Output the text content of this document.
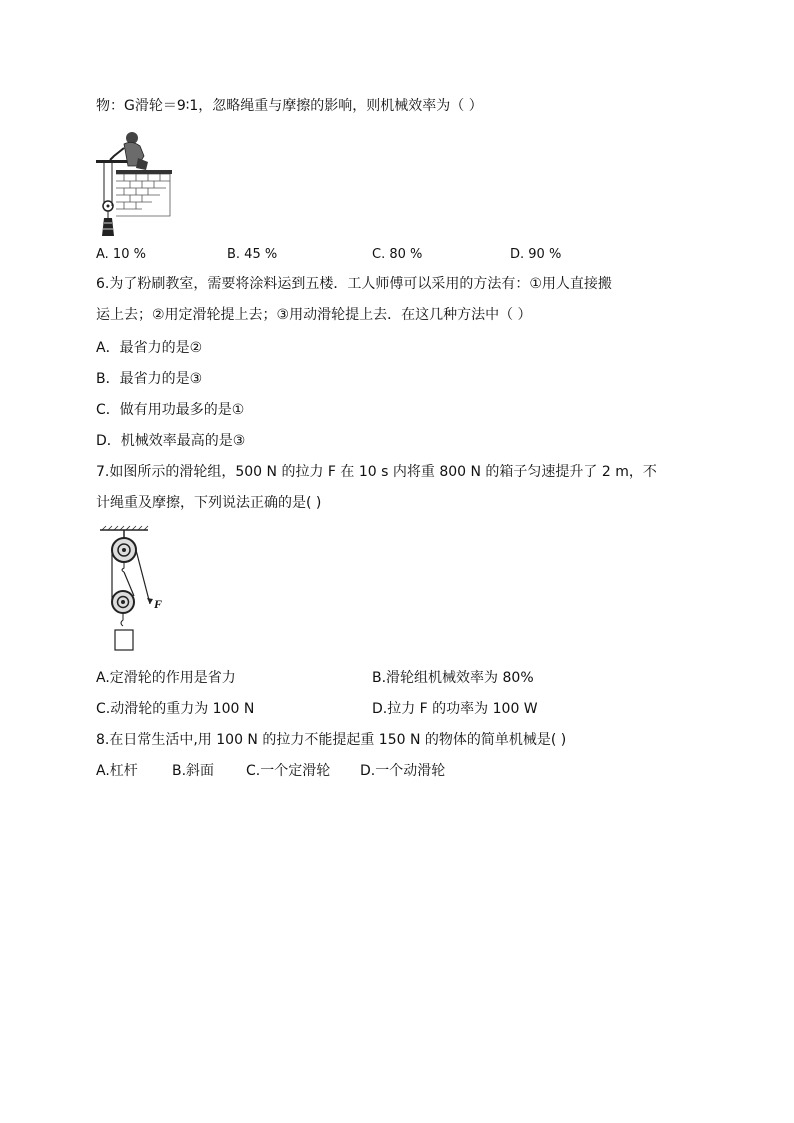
物：G滑轮＝9∶1，忽略绳重与摩擦的影响，则机械效率为（ ）
A. 10 %	B. 45 %	C. 80 %	D. 90 %
6.为了粉刷教室，需要将涂料运到五楼．工人师傅可以采用的方法有：①用人直接搬
运上去；②用定滑轮提上去；③用动滑轮提上去．在这几种方法中（ ）
A．最省力的是②
B．最省力的是③
C．做有用功最多的是①
D．机械效率最高的是③
7.如图所示的滑轮组，500 N 的拉力 F 在 10 s 内将重 800 N 的箱子匀速提升了 2 m，不
计绳重及摩擦，下列说法正确的是( )
F
A.定滑轮的作用是省力	B.滑轮组机械效率为 80%
C.动滑轮的重力为 100 N	D.拉力 F 的功率为 100 W
8.在日常生活中,用 100 N 的拉力不能提起重 150 N 的物体的简单机械是( )
A.杠杆 B.斜面 C.一个定滑轮 D.一个动滑轮
